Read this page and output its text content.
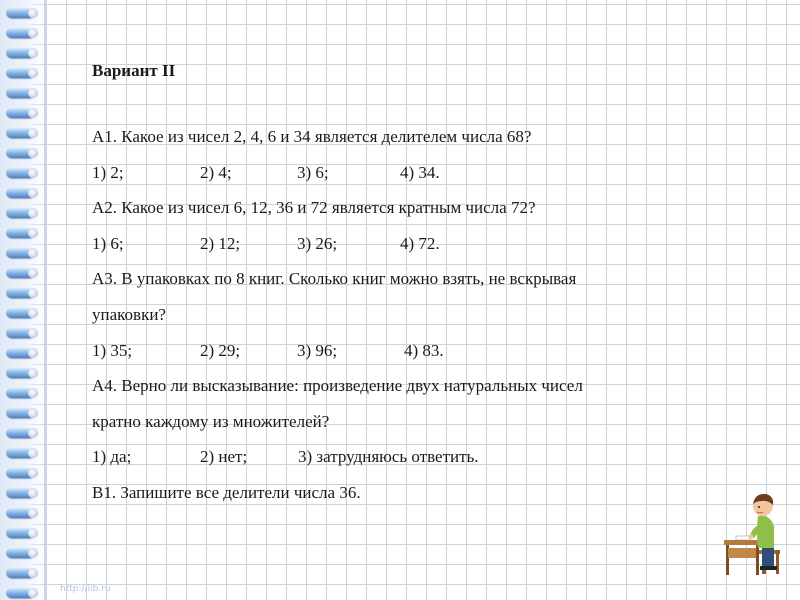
Вариант II
А1. Какое из чисел 2, 4, 6 и 34 является делителем числа 68?
1) 2;	2) 4;	3) 6;	4) 34.
А2. Какое из чисел 6, 12, 36 и 72 является кратным числа 72?
1) 6;	2) 12;	3) 26;	4) 72.
А3. В упаковках по 8 книг. Сколько книг можно взять, не вскрывая
упаковки?
1) 35;	2) 29;	3) 96;	4) 83.
А4. Верно ли высказывание: произведение двух натуральных чисел
кратно каждому из множителей?
1) да;	2) нет;	3) затрудняюсь ответить.
В1. Запишите все делители числа 36.
http://lib.ru
